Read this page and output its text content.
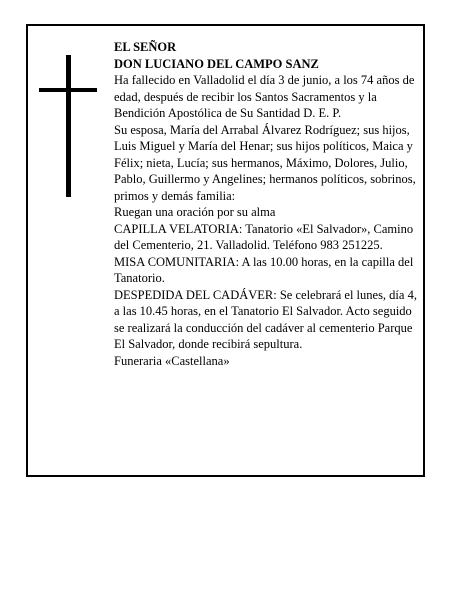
EL SEÑOR

DON LUCIANO DEL CAMPO SANZ

Ha fallecido en Valladolid el día 3 de junio, a los 74 años de edad, después de recibir los Santos Sacramentos y la Bendición Apostólica de Su Santidad D. E. P.

Su esposa, María del Arrabal Álvarez Rodríguez; sus hijos, Luis Miguel y María del Henar; sus hijos políticos, Maica y Félix; nieta, Lucía; sus hermanos, Máximo, Dolores, Julio, Pablo, Guillermo y Angelines; hermanos políticos, sobrinos, primos y demás familia:

Ruegan una oración por su alma

CAPILLA VELATORIA: Tanatorio «El Salvador», Camino del Cementerio, 21. Valladolid. Teléfono 983 251225.

MISA COMUNITARIA: A las 10.00 horas, en la capilla del Tanatorio.

DESPEDIDA DEL CADÁVER: Se celebrará el lunes, día 4, a las 10.45 horas, en el Tanatorio El Salvador. Acto seguido se realizará la conducción del cadáver al cementerio Parque El Salvador, donde recibirá sepultura.

Funeraria «Castellana»
